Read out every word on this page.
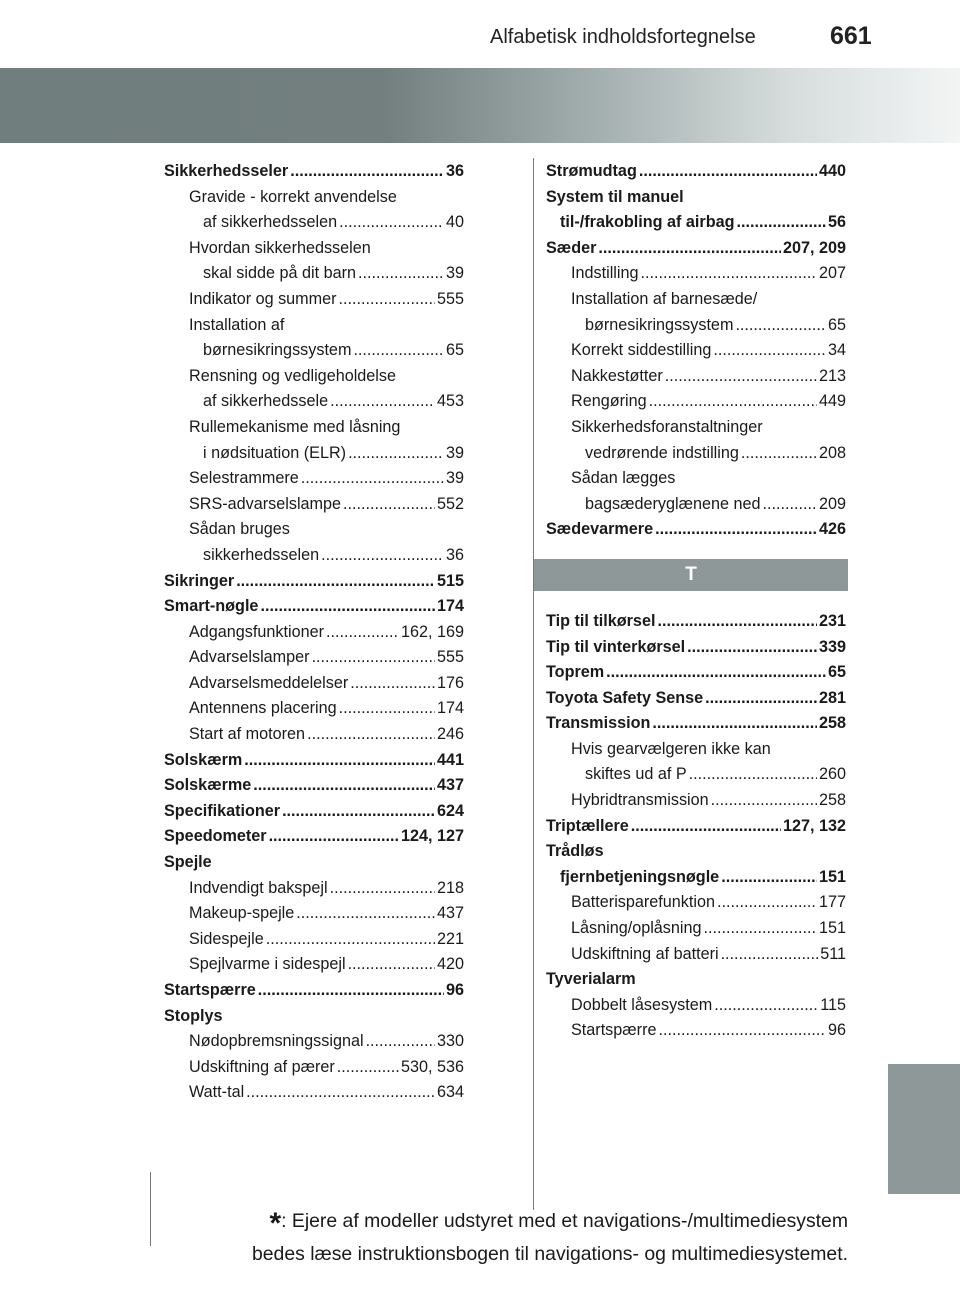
Alfabetisk indholdsfortegnelse	661
Sikkerhedsseler .....	36
Gravide - korrekt anvendelse
af sikkerhedsselen .....	40
Hvordan sikkerhedsselen
skal sidde på dit barn .....	39
Indikator og summer .....	555
Installation af
børnesikringssystem .....	65
Rensning og vedligeholdelse
af sikkerhedssele .....	453
Rullemekanisme med låsning
i nødsituation (ELR) .....	39
Selestrammere .....	39
SRS-advarselslampe .....	552
Sådan bruges
sikkerhedsselen .....	36
Sikringer .....	515
Smart-nøgle .....	174
Adgangsfunktioner .....	162, 169
Advarselslamper .....	555
Advarselsmeddelelser .....	176
Antennens placering .....	174
Start af motoren .....	246
Solskærm .....	441
Solskærme .....	437
Specifikationer .....	624
Speedometer .....	124, 127
Spejle
Indvendigt bakspejl .....	218
Makeup-spejle .....	437
Sidespejle .....	221
Spejlvarme i sidespejl .....	420
Startspærre .....	96
Stoplys
Nødopbremsningssignal .....	330
Udskiftning af pærer .....	530, 536
Watt-tal .....	634
Strømudtag .....	440
System til manuel
til-/frakobling af airbag .....	56
Sæder .....	207, 209
Indstilling .....	207
Installation af barnesæde/
børnesikringssystem .....	65
Korrekt siddestilling .....	34
Nakkestøtter .....	213
Rengøring .....	449
Sikkerhedsforanstaltninger
vedrørende indstilling .....	208
Sådan lægges
bagsæderyglænene ned .....	209
Sædevarmere .....	426
T
Tip til tilkørsel .....	231
Tip til vinterkørsel .....	339
Toprem .....	65
Toyota Safety Sense .....	281
Transmission .....	258
Hvis gearvælgeren ikke kan
skiftes ud af P .....	260
Hybridtransmission .....	258
Triptællere .....	127, 132
Trådløs
fjernbetjeningsnøgle .....	151
Batterisparefunktion .....	177
Låsning/oplåsning .....	151
Udskiftning af batteri .....	511
Tyverialarm
Dobbelt låsesystem .....	115
Startspærre .....	96
*: Ejere af modeller udstyret med et navigations-/multimediesystem
bedes læse instruktionsbogen til navigations- og multimediesystemet.
